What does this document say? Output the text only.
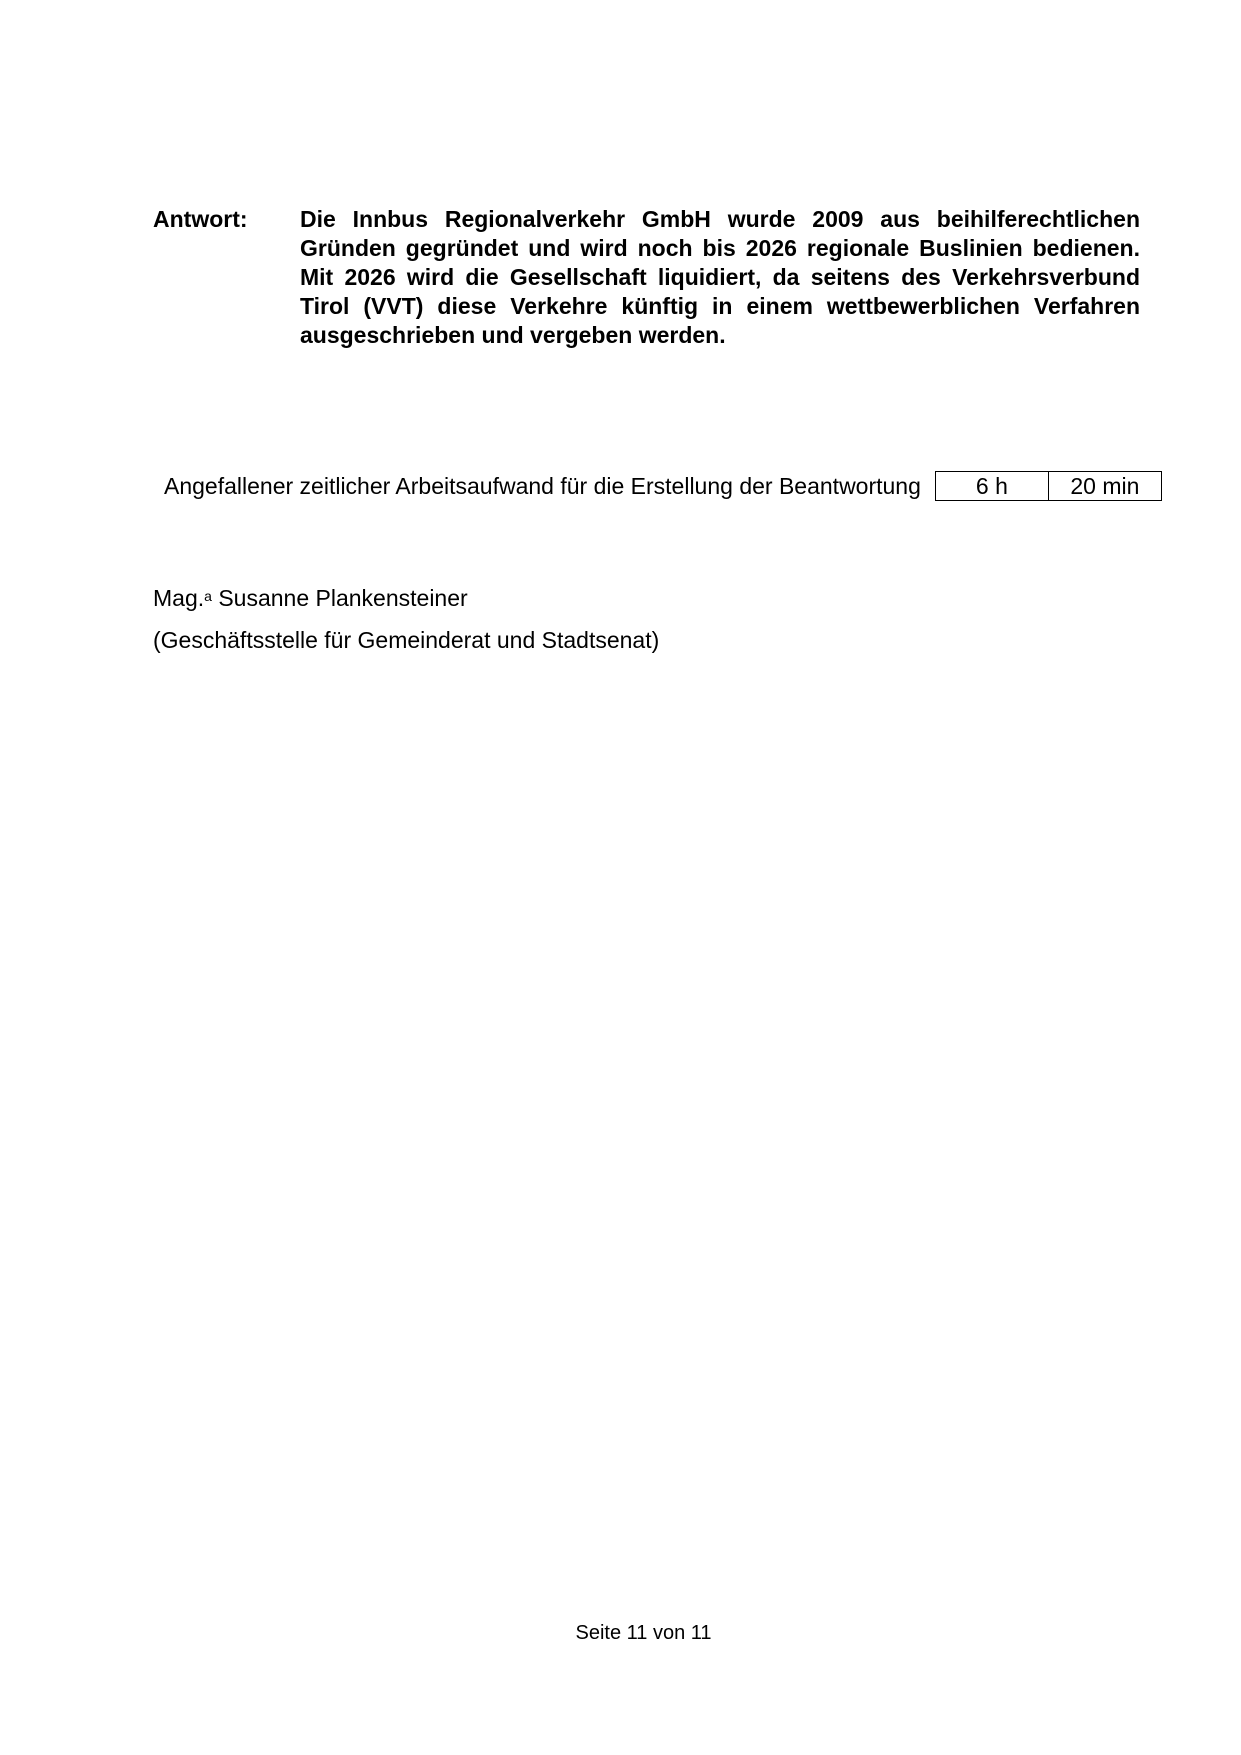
Antwort: Die Innbus Regionalverkehr GmbH wurde 2009 aus beihilferechtlichen Gründen gegründet und wird noch bis 2026 regionale Buslinien bedienen. Mit 2026 wird die Gesellschaft liquidiert, da seitens des Verkehrsverbund Tirol (VVT) diese Verkehre künftig in einem wettbewerblichen Verfahren ausgeschrieben und vergeben werden.
Angefallener zeitlicher Arbeitsaufwand für die Erstellung der Beantwortung	6 h	20 min
Mag.$^a$ Susanne Plankensteiner
(Geschäftsstelle für Gemeinderat und Stadtsenat)
Seite 11 von 11
